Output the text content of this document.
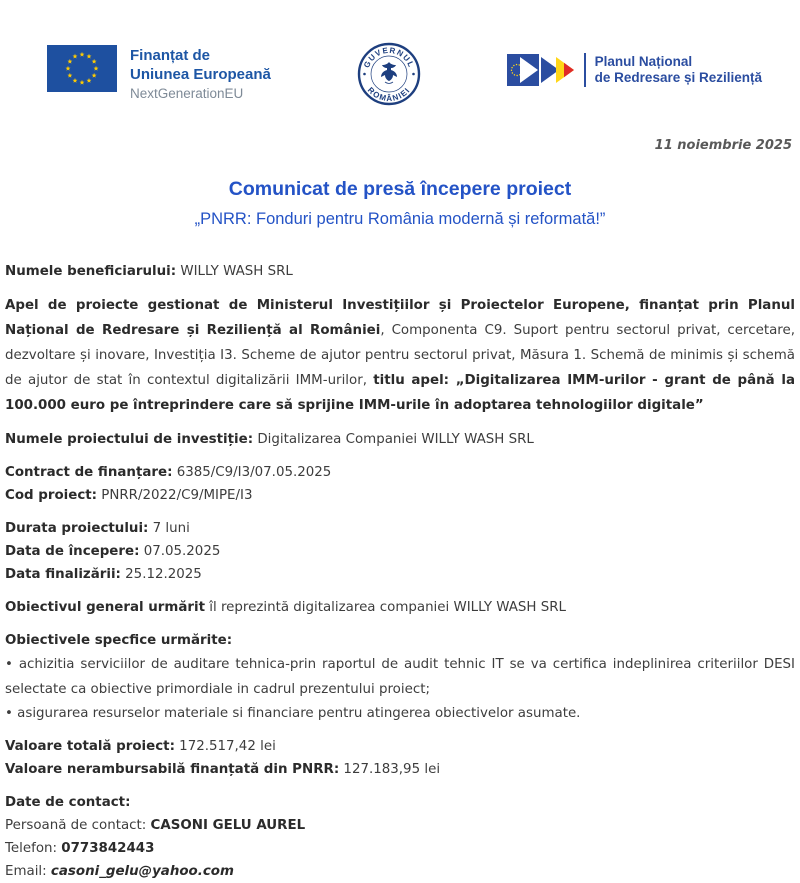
Finanțat de
Uniunea Europeană
NextGenerationEU
GUVERNUL
ROMÂNIEI
Planul Național
de Redresare și Reziliență
11 noiembrie 2025
Comunicat de presă începere proiect
„PNRR: Fonduri pentru România modernă și reformată!”

Numele beneficiarului: WILLY WASH SRL

Apel de proiecte gestionat de Ministerul Investițiilor și Proiectelor Europene, finanțat prin Planul Național de Redresare și Reziliență al României, Componenta C9. Suport pentru sectorul privat, cercetare, dezvoltare și inovare, Investiția I3. Scheme de ajutor pentru sectorul privat, Măsura 1. Schemă de minimis și schemă de ajutor de stat în contextul digitalizării IMM-urilor, titlu apel: „Digitalizarea IMM-urilor - grant de până la 100.000 euro pe întreprindere care să sprijine IMM-urile în adoptarea tehnologiilor digitale”

Numele proiectului de investiție: Digitalizarea Companiei WILLY WASH SRL

Contract de finanțare: 6385/C9/I3/07.05.2025
Cod proiect: PNRR/2022/C9/MIPE/I3

Durata proiectului: 7 luni
Data de începere: 07.05.2025
Data finalizării: 25.12.2025

Obiectivul general urmărit îl reprezintă digitalizarea companiei WILLY WASH SRL

Obiectivele specfice urmărite:
• achizitia serviciilor de auditare tehnica-prin raportul de audit tehnic IT se va certifica indeplinirea criteriilor DESI selectate ca obiective primordiale in cadrul prezentului proiect;
• asigurarea resurselor materiale si financiare pentru atingerea obiectivelor asumate.

Valoare totală proiect: 172.517,42 lei
Valoare nerambursabilă finanțată din PNRR: 127.183,95 lei

Date de contact:
Persoană de contact: CASONI GELU AUREL
Telefon: 0773842443
Email: casoni_gelu@yahoo.com
